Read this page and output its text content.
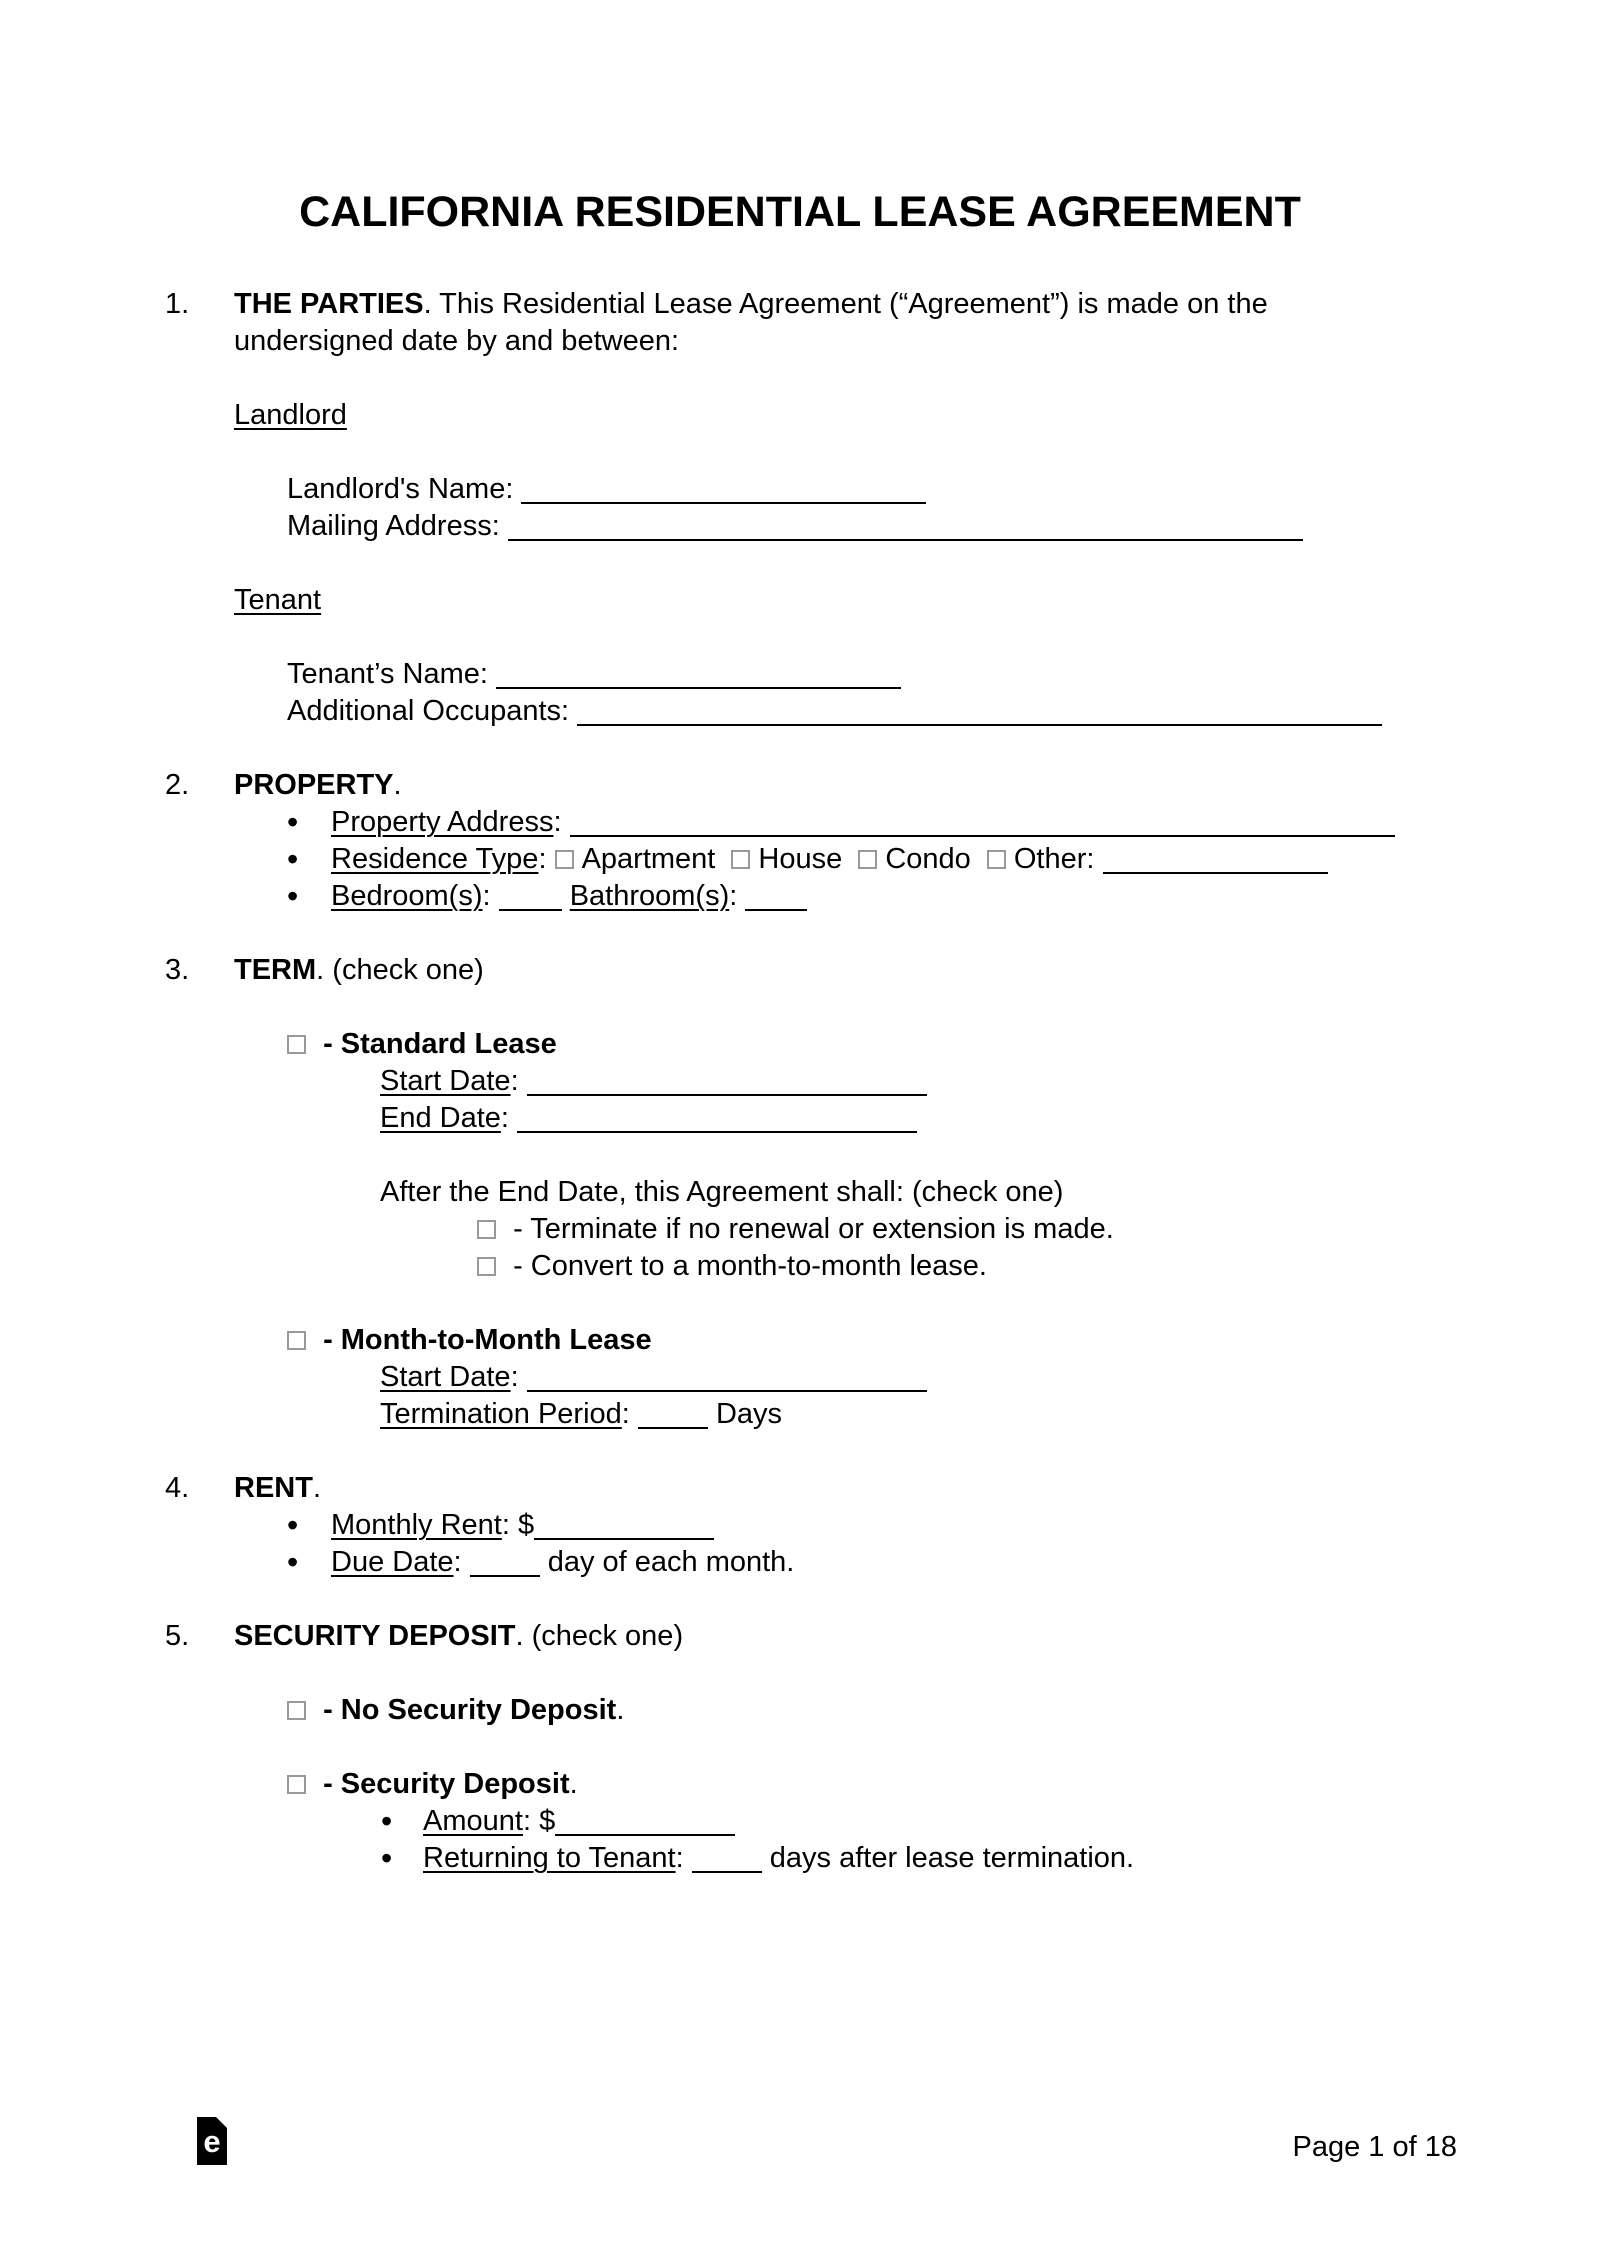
CALIFORNIA RESIDENTIAL LEASE AGREEMENT
1. THE PARTIES. This Residential Lease Agreement (“Agreement”) is made on the undersigned date by and between:
Landlord
Landlord's Name:
Mailing Address:
Tenant
Tenant’s Name:
Additional Occupants:
2. PROPERTY.
• Property Address:
• Residence Type: Apartment House Condo Other:
• Bedroom(s):	Bathroom(s):
3. TERM. (check one)
- Standard Lease
Start Date:
End Date:
After the End Date, this Agreement shall: (check one)
- Terminate if no renewal or extension is made.
- Convert to a month-to-month lease.
- Month-to-Month Lease
Start Date:
Termination Period:	Days
4. RENT.
• Monthly Rent: $
• Due Date:	day of each month.
5. SECURITY DEPOSIT. (check one)
- No Security Deposit.
- Security Deposit.
• Amount: $
• Returning to Tenant:	days after lease termination.
e	Page 1 of 18
